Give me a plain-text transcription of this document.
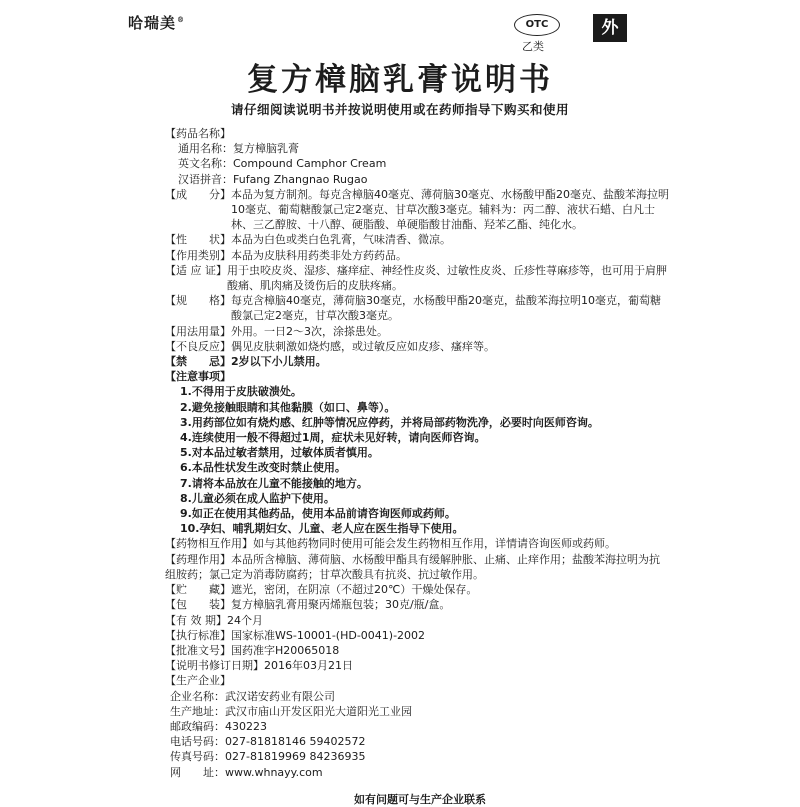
哈瑞美®	OTC
乙类
外
复方樟脑乳膏说明书
请仔细阅读说明书并按说明使用或在药师指导下购买和使用
【药品名称】
通用名称：复方樟脑乳膏
英文名称：Compound Camphor Cream
汉语拼音：Fufang Zhangnao Rugao
【成　　分】 本品为复方制剂。每克含樟脑40毫克、薄荷脑30毫克、水杨酸甲酯20毫克、盐酸苯海拉明10毫克、葡萄糖酸氯己定2毫克、甘草次酸3毫克。辅料为：丙二醇、液状石蜡、白凡士林、三乙醇胺、十八醇、硬脂酸、单硬脂酸甘油酯、羟苯乙酯、纯化水。
【性　　状】 本品为白色或类白色乳膏，气味清香、微凉。
【作用类别】 本品为皮肤科用药类非处方药药品。
【适 应 证】 用于虫咬皮炎、湿疹、瘙痒症、神经性皮炎、过敏性皮炎、丘疹性荨麻疹等，也可用于肩胛酸痛、肌肉痛及烫伤后的皮肤疼痛。
【规　　格】 每克含樟脑40毫克，薄荷脑30毫克，水杨酸甲酯20毫克，盐酸苯海拉明10毫克，葡萄糖酸氯己定2毫克，甘草次酸3毫克。
【用法用量】 外用。一日2～3次，涂搽患处。
【不良反应】 偶见皮肤刺激如烧灼感，或过敏反应如皮疹、瘙痒等。
【禁　　忌】 2岁以下小儿禁用。
【注意事项】
1.不得用于皮肤破溃处。
2.避免接触眼睛和其他黏膜（如口、鼻等）。
3.用药部位如有烧灼感、红肿等情况应停药，并将局部药物洗净，必要时向医师咨询。
4.连续使用一般不得超过1周，症状未见好转，请向医师咨询。
5.对本品过敏者禁用，过敏体质者慎用。
6.本品性状发生改变时禁止使用。
7.请将本品放在儿童不能接触的地方。
8.儿童必须在成人监护下使用。
9.如正在使用其他药品，使用本品前请咨询医师或药师。
10.孕妇、哺乳期妇女、儿童、老人应在医生指导下使用。
【药物相互作用】如与其他药物同时使用可能会发生药物相互作用，详情请咨询医师或药师。
【药理作用】本品所含樟脑、薄荷脑、水杨酸甲酯具有缓解肿胀、止痛、止痒作用；盐酸苯海拉明为抗组胺药；氯己定为消毒防腐药；甘草次酸具有抗炎、抗过敏作用。
【贮　　藏】 遮光，密闭，在阴凉（不超过20℃）干燥处保存。
【包　　装】 复方樟脑乳膏用聚丙烯瓶包装；30克/瓶/盒。
【有 效 期】 24个月
【执行标准】 国家标准WS-10001-(HD-0041)-2002
【批准文号】 国药准字H20065018
【说明书修订日期】 2016年03月21日
【生产企业】
企业名称：武汉诺安药业有限公司
生产地址：武汉市庙山开发区阳光大道阳光工业园
邮政编码：430223
电话号码：027-81818146 59402572
传真号码：027-81819969 84236935
网　　址：www.whnayy.com
如有问题可与生产企业联系
